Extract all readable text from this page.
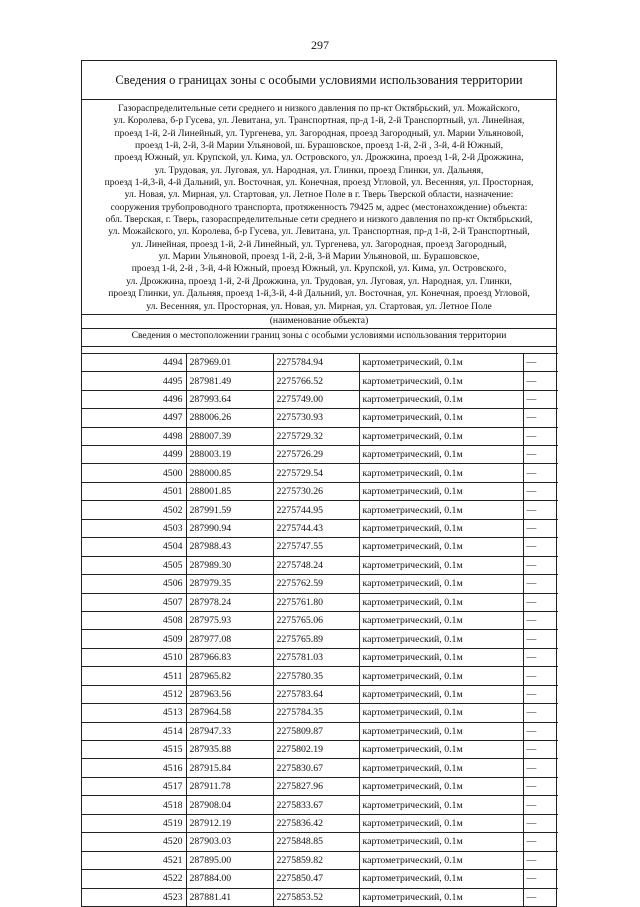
297
Сведения о границах зоны с особыми условиями использования территории
Газораспределительные сети среднего и низкого давления по пр-кт Октябрьский, ул. Можайского,
ул. Королева, б-р Гусева, ул. Левитана, ул. Транспортная, пр-д 1-й, 2-й Транспортный, ул. Линейная,
проезд 1-й, 2-й Линейный, ул. Тургенева, ул. Загородная, проезд Загородный, ул. Марии Ульяновой,
проезд 1-й, 2-й, 3-й Марии Ульяновой, ш. Бурашовское, проезд 1-й, 2-й , 3-й, 4-й Южный,
проезд Южный, ул. Крупской, ул. Кима, ул. Островского, ул. Дрожжина, проезд 1-й, 2-й Дрожжина,
ул. Трудовая, ул. Луговая, ул. Народная, ул. Глинки, проезд Глинки, ул. Дальняя,
проезд 1-й,3-й, 4-й Дальний, ул. Восточная, ул. Конечная, проезд Угловой, ул. Весенняя, ул. Просторная,
ул. Новая, ул. Мирная, ул. Стартовая, ул. Летное Поле в г. Тверь Тверской области, назначение:
сооружения трубопроводного транспорта, протяженность 79425 м, адрес (местонахождение) объекта:
обл. Тверская, г. Тверь, газораспределительные сети среднего и низкого давления по пр-кт Октябрьский,
ул. Можайского, ул. Королева, б-р Гусева, ул. Левитана, ул. Транспортная, пр-д 1-й, 2-й Транспортный,
ул. Линейная, проезд 1-й, 2-й Линейный, ул. Тургенева, ул. Загородная, проезд Загородный,
ул. Марии Ульяновой, проезд 1-й, 2-й, 3-й Марии Ульяновой, ш. Бурашовское,
проезд 1-й, 2-й , 3-й, 4-й Южный, проезд Южный, ул. Крупской, ул. Кима, ул. Островского,
ул. Дрожжина, проезд 1-й, 2-й Дрожжина, ул. Трудовая, ул. Луговая, ул. Народная, ул. Глинки,
проезд Глинки, ул. Дальняя, проезд 1-й,3-й, 4-й Дальний, ул. Восточная, ул. Конечная, проезд Угловой,
ул. Весенняя, ул. Просторная, ул. Новая, ул. Мирная, ул. Стартовая, ул. Летное Поле
(наименование объекта)
Сведения о местоположении границ зоны с особыми условиями использования территории
4494	287969.01	2275784.94	картометрический, 0.1м	—
4495	287981.49	2275766.52	картометрический, 0.1м	—
4496	287993.64	2275749.00	картометрический, 0.1м	—
4497	288006.26	2275730.93	картометрический, 0.1м	—
4498	288007.39	2275729.32	картометрический, 0.1м	—
4499	288003.19	2275726.29	картометрический, 0.1м	—
4500	288000.85	2275729.54	картометрический, 0.1м	—
4501	288001.85	2275730.26	картометрический, 0.1м	—
4502	287991.59	2275744.95	картометрический, 0.1м	—
4503	287990.94	2275744.43	картометрический, 0.1м	—
4504	287988.43	2275747.55	картометрический, 0.1м	—
4505	287989.30	2275748.24	картометрический, 0.1м	—
4506	287979.35	2275762.59	картометрический, 0.1м	—
4507	287978.24	2275761.80	картометрический, 0.1м	—
4508	287975.93	2275765.06	картометрический, 0.1м	—
4509	287977.08	2275765.89	картометрический, 0.1м	—
4510	287966.83	2275781.03	картометрический, 0.1м	—
4511	287965.82	2275780.35	картометрический, 0.1м	—
4512	287963.56	2275783.64	картометрический, 0.1м	—
4513	287964.58	2275784.35	картометрический, 0.1м	—
4514	287947.33	2275809.87	картометрический, 0.1м	—
4515	287935.88	2275802.19	картометрический, 0.1м	—
4516	287915.84	2275830.67	картометрический, 0.1м	—
4517	287911.78	2275827.96	картометрический, 0.1м	—
4518	287908.04	2275833.67	картометрический, 0.1м	—
4519	287912.19	2275836.42	картометрический, 0.1м	—
4520	287903.03	2275848.85	картометрический, 0.1м	—
4521	287895.00	2275859.82	картометрический, 0.1м	—
4522	287884.00	2275850.47	картометрический, 0.1м	—
4523	287881.41	2275853.52	картометрический, 0.1м	—
